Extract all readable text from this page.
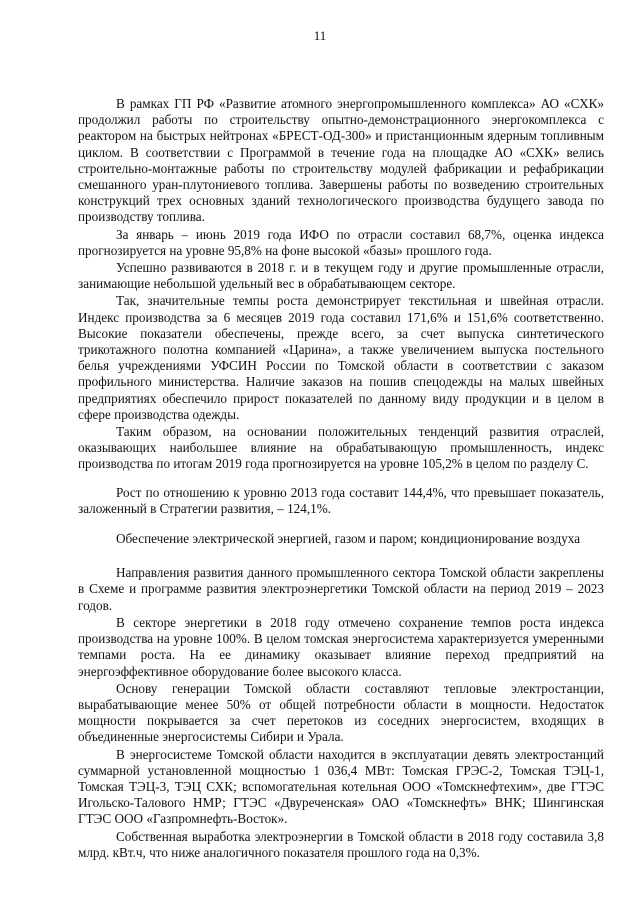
11

В рамках ГП РФ «Развитие атомного энергопромышленного комплекса» АО «СХК» продолжил работы по строительству опытно-демонстрационного энергокомплекса с реактором на быстрых нейтронах «БРЕСТ-ОД-300» и пристанционным ядерным топливным циклом. В соответствии с Программой в течение года на площадке АО «СХК» велись строительно-монтажные работы по строительству модулей фабрикации и рефабрикации смешанного уран-плутониевого топлива. Завершены работы по возведению строительных конструкций трех основных зданий технологического производства будущего завода по производству топлива.

За январь – июнь 2019 года ИФО по отрасли составил 68,7%, оценка индекса прогнозируется на уровне 95,8% на фоне высокой «базы» прошлого года.

Успешно развиваются в 2018 г. и в текущем году и другие промышленные отрасли, занимающие небольшой удельный вес в обрабатывающем секторе.

Так, значительные темпы роста демонстрирует текстильная и швейная отрасли. Индекс производства за 6 месяцев 2019 года составил 171,6% и 151,6% соответственно. Высокие показатели обеспечены, прежде всего, за счет выпуска синтетического трикотажного полотна компанией «Царина», а также увеличением выпуска постельного белья учреждениями УФСИН России по Томской области в соответствии с заказом профильного министерства. Наличие заказов на пошив спецодежды на малых швейных предприятиях обеспечило прирост показателей по данному виду продукции и в целом в сфере производства одежды.

Таким образом, на основании положительных тенденций развития отраслей, оказывающих наибольшее влияние на обрабатывающую промышленность, индекс производства по итогам 2019 года прогнозируется на уровне 105,2% в целом по разделу С.

Рост по отношению к уровню 2013 года составит 144,4%, что превышает показатель, заложенный в Стратегии развития, – 124,1%.

Обеспечение электрической энергией, газом и паром; кондиционирование воздуха

Направления развития данного промышленного сектора Томской области закреплены в Схеме и программе развития электроэнергетики Томской области на период 2019 – 2023 годов.

В секторе энергетики в 2018 году отмечено сохранение темпов роста индекса производства на уровне 100%. В целом томская энергосистема характеризуется умеренными темпами роста. На ее динамику оказывает влияние переход предприятий на энергоэффективное оборудование более высокого класса.

Основу генерации Томской области составляют тепловые электростанции, вырабатывающие менее 50% от общей потребности области в мощности. Недостаток мощности покрывается за счет перетоков из соседних энергосистем, входящих в объединенные энергосистемы Сибири и Урала.

В энергосистеме Томской области находится в эксплуатации девять электростанций суммарной установленной мощностью 1 036,4 МВт: Томская ГРЭС-2, Томская ТЭЦ-1, Томская ТЭЦ-3, ТЭЦ СХК; вспомогательная котельная ООО «Томскнефтехим», две ГТЭС Игольско-Талового НМР; ГТЭС «Двуреченская» ОАО «Томскнефть» ВНК; Шингинская ГТЭС ООО «Газпромнефть-Восток».

Собственная выработка электроэнергии в Томской области в 2018 году составила 3,8 млрд. кВт.ч, что ниже аналогичного показателя прошлого года на 0,3%.
